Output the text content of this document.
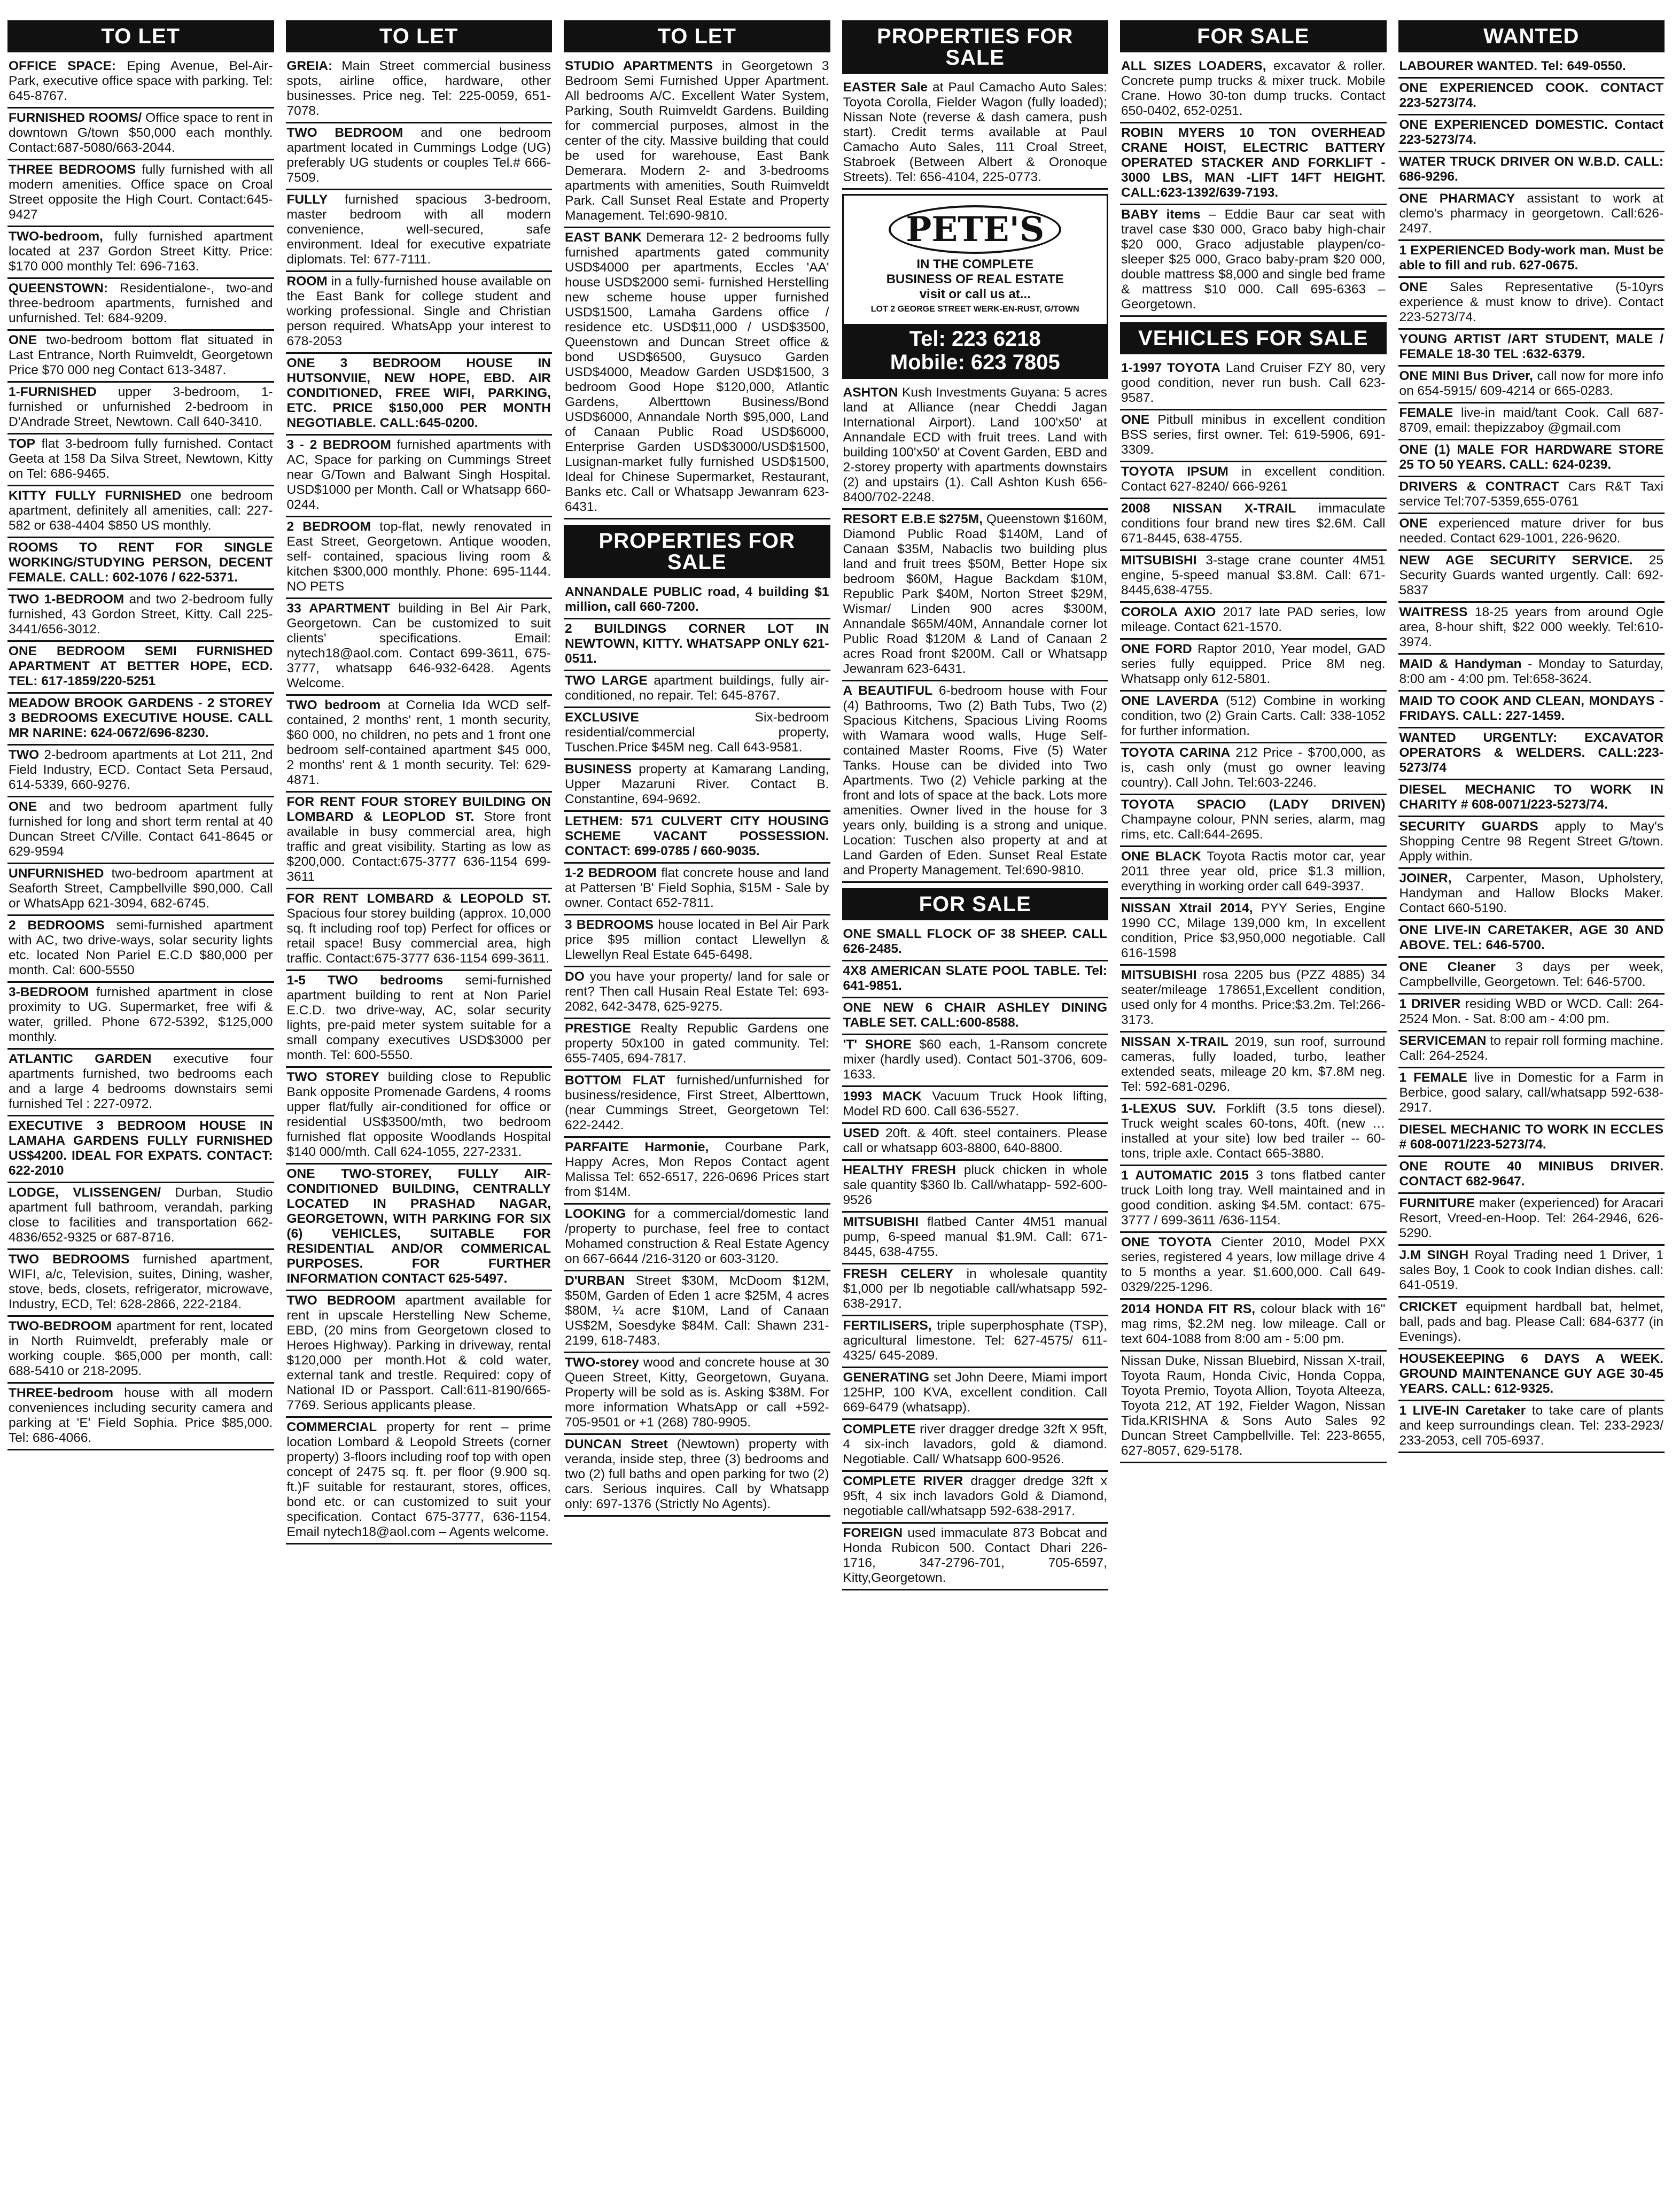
TO LET
OFFICE SPACE: Eping Avenue, Bel-Air-Park, executive office space with parking. Tel: 645-8767.
FURNISHED ROOMS/ Office space to rent in downtown G/town $50,000 each monthly. Contact:687-5080/663-2044.
THREE BEDROOMS fully furnished with all modern amenities. Office space on Croal Street opposite the High Court. Contact:645-9427
TWO-bedroom, fully furnished apartment located at 237 Gordon Street Kitty. Price: $170 000 monthly Tel: 696-7163.
QUEENSTOWN: Residentialone-, two-and three-bedroom apartments, furnished and unfurnished. Tel: 684-9209.
ONE two-bedroom bottom flat situated in Last Entrance, North Ruimveldt, Georgetown Price $70 000 neg Contact 613-3487.
1-FURNISHED upper 3-bedroom, 1-furnished or unfurnished 2-bedroom in D'Andrade Street, Newtown. Call 640-3410.
TOP flat 3-bedroom fully furnished. Contact Geeta at 158 Da Silva Street, Newtown, Kitty on Tel: 686-9465.
KITTY FULLY FURNISHED one bedroom apartment, definitely all amenities, call: 227-582 or 638-4404 $850 US monthly.
ROOMS TO RENT FOR SINGLE WORKING/STUDYING PERSON, DECENT FEMALE. CALL: 602-1076 / 622-5371.
TWO 1-BEDROOM and two 2-bedroom fully furnished, 43 Gordon Street, Kitty. Call 225-3441/656-3012.
ONE BEDROOM SEMI FURNISHED APARTMENT AT BETTER HOPE, ECD. TEL: 617-1859/220-5251
MEADOW BROOK GARDENS - 2 STOREY 3 BEDROOMS EXECUTIVE HOUSE. CALL MR NARINE: 624-0672/696-8230.
TWO 2-bedroom apartments at Lot 211, 2nd Field Industry, ECD. Contact Seta Persaud, 614-5339, 660-9276.
ONE and two bedroom apartment fully furnished for long and short term rental at 40 Duncan Street C/Ville. Contact 641-8645 or 629-9594
UNFURNISHED two-bedroom apartment at Seaforth Street, Campbellville $90,000. Call or WhatsApp 621-3094, 682-6745.
2 BEDROOMS semi-furnished apartment with AC, two drive-ways, solar security lights etc. located Non Pariel E.C.D $80,000 per month. Cal: 600-5550
3-BEDROOM furnished apartment in close proximity to UG. Supermarket, free wifi & water, grilled. Phone 672-5392, $125,000 monthly.
ATLANTIC GARDEN executive four apartments furnished, two bedrooms each and a large 4 bedrooms downstairs semi furnished Tel : 227-0972.
EXECUTIVE 3 BEDROOM HOUSE IN LAMAHA GARDENS FULLY FURNISHED US$4200. IDEAL FOR EXPATS. CONTACT: 622-2010
LODGE, VLISSENGEN/ Durban, Studio apartment full bathroom, verandah, parking close to facilities and transportation 662-4836/652-9325 or 687-8716.
TWO BEDROOMS furnished apartment, WIFI, a/c, Television, suites, Dining, washer, stove, beds, closets, refrigerator, microwave, Industry, ECD, Tel: 628-2866, 222-2184.
TWO-BEDROOM apartment for rent, located in North Ruimveldt, preferably male or working couple. $65,000 per month, call: 688-5410 or 218-2095.
THREE-bedroom house with all modern conveniences including security camera and parking at 'E' Field Sophia. Price $85,000. Tel: 686-4066.
TO LET
GREIA: Main Street commercial business spots, airline office, hardware, other businesses. Price neg. Tel: 225-0059, 651-7078.
TWO BEDROOM and one bedroom apartment located in Cummings Lodge (UG) preferably UG students or couples Tel.# 666-7509.
FULLY furnished spacious 3-bedroom, master bedroom with all modern convenience, well-secured, safe environment. Ideal for executive expatriate diplomats. Tel: 677-7111.
ROOM in a fully-furnished house available on the East Bank for college student and working professional. Single and Christian person required. WhatsApp your interest to 678-2053
ONE 3 BEDROOM HOUSE IN HUTSONVIIE, NEW HOPE, EBD. AIR CONDITIONED, FREE WIFI, PARKING, ETC. PRICE $150,000 PER MONTH NEGOTIABLE. CALL:645-0200.
3 - 2 BEDROOM furnished apartments with AC, Space for parking on Cummings Street near G/Town and Balwant Singh Hospital. USD$1000 per Month. Call or Whatsapp 660-0244.
2 BEDROOM top-flat, newly renovated in East Street, Georgetown. Antique wooden, self- contained, spacious living room & kitchen $300,000 monthly. Phone: 695-1144. NO PETS
33 APARTMENT building in Bel Air Park, Georgetown. Can be customized to suit clients' specifications. Email: nytech18@aol.com. Contact 699-3611, 675-3777, whatsapp 646-932-6428. Agents Welcome.
TWO bedroom at Cornelia Ida WCD self-contained, 2 months' rent, 1 month security, $60 000, no children, no pets and 1 front one bedroom self-contained apartment $45 000, 2 months' rent & 1 month security. Tel: 629-4871.
FOR RENT FOUR STOREY BUILDING ON LOMBARD & LEOPLOD ST. Store front available in busy commercial area, high traffic and great visibility. Starting as low as $200,000. Contact:675-3777 636-1154 699-3611
FOR RENT LOMBARD & LEOPOLD ST. Spacious four storey building (approx. 10,000 sq. ft including roof top) Perfect for offices or retail space! Busy commercial area, high traffic. Contact:675-3777 636-1154 699-3611.
1-5 TWO bedrooms semi-furnished apartment building to rent at Non Pariel E.C.D. two drive-way, AC, solar security lights, pre-paid meter system suitable for a small company executives USD$3000 per month. Tel: 600-5550.
TWO STOREY building close to Republic Bank opposite Promenade Gardens, 4 rooms upper flat/fully air-conditioned for office or residential US$3500/mth, two bedroom furnished flat opposite Woodlands Hospital $140 000/mth. Call 624-1055, 227-2331.
ONE TWO-STOREY, FULLY AIR-CONDITIONED BUILDING, CENTRALLY LOCATED IN PRASHAD NAGAR, GEORGETOWN, WITH PARKING FOR SIX (6) VEHICLES, SUITABLE FOR RESIDENTIAL AND/OR COMMERICAL PURPOSES. FOR FURTHER INFORMATION CONTACT 625-5497.
TWO BEDROOM apartment available for rent in upscale Herstelling New Scheme, EBD, (20 mins from Georgetown closed to Heroes Highway). Parking in driveway, rental $120,000 per month.Hot & cold water, external tank and trestle. Required: copy of National ID or Passport. Call:611-8190/665-7769. Serious applicants please.
COMMERCIAL property for rent – prime location Lombard & Leopold Streets (corner property) 3-floors including roof top with open concept of 2475 sq. ft. per floor (9.900 sq. ft.)F suitable for restaurant, stores, offices, bond etc. or can customized to suit your specification. Contact 675-3777, 636-1154. Email nytech18@aol.com – Agents welcome.
TO LET
STUDIO APARTMENTS in Georgetown 3 Bedroom Semi Furnished Upper Apartment. All bedrooms A/C. Excellent Water System, Parking, South Ruimveldt Gardens. Building for commercial purposes, almost in the center of the city. Massive building that could be used for warehouse, East Bank Demerara. Modern 2- and 3-bedrooms apartments with amenities, South Ruimveldt Park. Call Sunset Real Estate and Property Management. Tel:690-9810.
EAST BANK Demerara 12- 2 bedrooms fully furnished apartments gated community USD$4000 per apartments, Eccles 'AA' house USD$2000 semi- furnished Herstelling new scheme house upper furnished USD$1500, Lamaha Gardens office / residence etc. USD$11,000 / USD$3500, Queenstown and Duncan Street office & bond USD$6500, Guysuco Garden USD$4000, Meadow Garden USD$1500, 3 bedroom Good Hope $120,000, Atlantic Gardens, Alberttown Business/Bond USD$6000, Annandale North $95,000, Land of Canaan Public Road USD$6000, Enterprise Garden USD$3000/USD$1500, Lusignan-market fully furnished USD$1500, Ideal for Chinese Supermarket, Restaurant, Banks etc. Call or Whatsapp Jewanram 623-6431.
PROPERTIES FOR SALE
ANNANDALE PUBLIC road, 4 building $1 million, call 660-7200.
2 BUILDINGS CORNER LOT IN NEWTOWN, KITTY. WHATSAPP ONLY 621-0511.
TWO LARGE apartment buildings, fully air-conditioned, no repair. Tel: 645-8767.
EXCLUSIVE Six-bedroom residential/commercial property, Tuschen.Price $45M neg. Call 643-9581.
BUSINESS property at Kamarang Landing, Upper Mazaruni River. Contact B. Constantine, 694-9692.
LETHEM: 571 CULVERT CITY HOUSING SCHEME VACANT POSSESSION. CONTACT: 699-0785 / 660-9035.
1-2 BEDROOM flat concrete house and land at Pattersen 'B' Field Sophia, $15M - Sale by owner. Contact 652-7811.
3 BEDROOMS house located in Bel Air Park price $95 million contact Llewellyn & Llewellyn Real Estate 645-6498.
DO you have your property/ land for sale or rent? Then call Husain Real Estate Tel: 693-2082, 642-3478, 625-9275.
PRESTIGE Realty Republic Gardens one property 50x100 in gated community. Tel: 655-7405, 694-7817.
BOTTOM FLAT furnished/unfurnished for business/residence, First Street, Alberttown, (near Cummings Street, Georgetown Tel: 622-2442.
PARFAITE Harmonie, Courbane Park, Happy Acres, Mon Repos Contact agent Malissa Tel: 652-6517, 226-0696 Prices start from $14M.
LOOKING for a commercial/domestic land /property to purchase, feel free to contact Mohamed construction & Real Estate Agency on 667-6644 /216-3120 or 603-3120.
D'URBAN Street $30M, McDoom $12M, $50M, Garden of Eden 1 acre $25M, 4 acres $80M, ¼ acre $10M, Land of Canaan US$2M, Soesdyke $84M. Call: Shawn 231-2199, 618-7483.
TWO-storey wood and concrete house at 30 Queen Street, Kitty, Georgetown, Guyana. Property will be sold as is. Asking $38M. For more information WhatsApp or call +592-705-9501 or +1 (268) 780-9905.
DUNCAN Street (Newtown) property with veranda, inside step, three (3) bedrooms and two (2) full baths and open parking for two (2) cars. Serious inquires. Call by Whatsapp only: 697-1376 (Strictly No Agents).
PROPERTIES FOR SALE
EASTER Sale at Paul Camacho Auto Sales: Toyota Corolla, Fielder Wagon (fully loaded); Nissan Note (reverse & dash camera, push start). Credit terms available at Paul Camacho Auto Sales, 111 Croal Street, Stabroek (Between Albert & Oronoque Streets). Tel: 656-4104, 225-0773.
PETE'S
IN THE COMPLETE
BUSINESS OF REAL ESTATE
visit or call us at...
LOT 2 GEORGE STREET WERK-EN-RUST, G/TOWN
Tel: 223 6218
Mobile: 623 7805
ASHTON Kush Investments Guyana: 5 acres land at Alliance (near Cheddi Jagan International Airport). Land 100'x50' at Annandale ECD with fruit trees. Land with building 100'x50' at Covent Garden, EBD and 2-storey property with apartments downstairs (2) and upstairs (1). Call Ashton Kush 656-8400/702-2248.
RESORT E.B.E $275M, Queenstown $160M, Diamond Public Road $140M, Land of Canaan $35M, Nabaclis two building plus land and fruit trees $50M, Better Hope six bedroom $60M, Hague Backdam $10M, Republic Park $40M, Norton Street $29M, Wismar/ Linden 900 acres $300M, Annandale $65M/40M, Annandale corner lot Public Road $120M & Land of Canaan 2 acres Road front $200M. Call or Whatsapp Jewanram 623-6431.
A BEAUTIFUL 6-bedroom house with Four (4) Bathrooms, Two (2) Bath Tubs, Two (2) Spacious Kitchens, Spacious Living Rooms with Wamara wood walls, Huge Self-contained Master Rooms, Five (5) Water Tanks. House can be divided into Two Apartments. Two (2) Vehicle parking at the front and lots of space at the back. Lots more amenities. Owner lived in the house for 3 years only, building is a strong and unique. Location: Tuschen also property at and at Land Garden of Eden. Sunset Real Estate and Property Management. Tel:690-9810.
FOR SALE
ONE SMALL FLOCK OF 38 SHEEP. CALL 626-2485.
4X8 AMERICAN SLATE POOL TABLE. Tel: 641-9851.
ONE NEW 6 CHAIR ASHLEY DINING TABLE SET. CALL:600-8588.
'T' SHORE $60 each, 1-Ransom concrete mixer (hardly used). Contact 501-3706, 609-1633.
1993 MACK Vacuum Truck Hook lifting, Model RD 600. Call 636-5527.
USED 20ft. & 40ft. steel containers. Please call or whatsapp 603-8800, 640-8800.
HEALTHY FRESH pluck chicken in whole sale quantity $360 lb. Call/whatapp- 592-600-9526
MITSUBISHI flatbed Canter 4M51 manual pump, 6-speed manual $1.9M. Call: 671-8445, 638-4755.
FRESH CELERY in wholesale quantity $1,000 per lb negotiable call/whatsapp 592-638-2917.
FERTILISERS, triple superphosphate (TSP), agricultural limestone. Tel: 627-4575/ 611-4325/ 645-2089.
GENERATING set John Deere, Miami import 125HP, 100 KVA, excellent condition. Call 669-6479 (whatsapp).
COMPLETE river dragger dredge 32ft X 95ft, 4 six-inch lavadors, gold & diamond. Negotiable. Call/ Whatsapp 600-9526.
COMPLETE RIVER dragger dredge 32ft x 95ft, 4 six inch lavadors Gold & Diamond, negotiable call/whatsapp 592-638-2917.
FOREIGN used immaculate 873 Bobcat and Honda Rubicon 500. Contact Dhari 226-1716, 347-2796-701, 705-6597, Kitty,Georgetown.
FOR SALE
ALL SIZES LOADERS, excavator & roller. Concrete pump trucks & mixer truck. Mobile Crane. Howo 30-ton dump trucks. Contact 650-0402, 652-0251.
ROBIN MYERS 10 TON OVERHEAD CRANE HOIST, ELECTRIC BATTERY OPERATED STACKER AND FORKLIFT - 3000 LBS, MAN -LIFT 14FT HEIGHT. CALL:623-1392/639-7193.
BABY items – Eddie Baur car seat with travel case $30 000, Graco baby high-chair $20 000, Graco adjustable playpen/co-sleeper $25 000, Graco baby-pram $20 000, double mattress $8,000 and single bed frame & mattress $10 000. Call 695-6363 – Georgetown.
VEHICLES FOR SALE
1-1997 TOYOTA Land Cruiser FZY 80, very good condition, never run bush. Call 623-9587.
ONE Pitbull minibus in excellent condition BSS series, first owner. Tel: 619-5906, 691-3309.
TOYOTA IPSUM in excellent condition. Contact 627-8240/ 666-9261
2008 NISSAN X-TRAIL immaculate conditions four brand new tires $2.6M. Call 671-8445, 638-4755.
MITSUBISHI 3-stage crane counter 4M51 engine, 5-speed manual $3.8M. Call: 671-8445,638-4755.
COROLA AXIO 2017 late PAD series, low mileage. Contact 621-1570.
ONE FORD Raptor 2010, Year model, GAD series fully equipped. Price 8M neg. Whatsapp only 612-5801.
ONE LAVERDA (512) Combine in working condition, two (2) Grain Carts. Call: 338-1052 for further information.
TOYOTA CARINA 212 Price - $700,000, as is, cash only (must go owner leaving country). Call John. Tel:603-2246.
TOYOTA SPACIO (LADY DRIVEN) Champayne colour, PNN series, alarm, mag rims, etc. Call:644-2695.
ONE BLACK Toyota Ractis motor car, year 2011 three year old, price $1.3 million, everything in working order call 649-3937.
NISSAN Xtrail 2014, PYY Series, Engine 1990 CC, Milage 139,000 km, In excellent condition, Price $3,950,000 negotiable. Call 616-1598
MITSUBISHI rosa 2205 bus (PZZ 4885) 34 seater/mileage 178651,Excellent condition, used only for 4 months. Price:$3.2m. Tel:266-3173.
NISSAN X-TRAIL 2019, sun roof, surround cameras, fully loaded, turbo, leather extended seats, mileage 20 km, $7.8M neg. Tel: 592-681-0296.
1-LEXUS SUV. Forklift (3.5 tons diesel). Truck weight scales 60-tons, 40ft. (new … installed at your site) low bed trailer -- 60-tons, triple axle. Contact 665-3880.
1 AUTOMATIC 2015 3 tons flatbed canter truck Loith long tray. Well maintained and in good condition. asking $4.5M. contact: 675-3777 / 699-3611 /636-1154.
ONE TOYOTA Cienter 2010, Model PXX series, registered 4 years, low millage drive 4 to 5 months a year. $1.600,000. Call 649-0329/225-1296.
2014 HONDA FIT RS, colour black with 16" mag rims, $2.2M neg. low mileage. Call or text 604-1088 from 8:00 am - 5:00 pm.
Nissan Duke, Nissan Bluebird, Nissan X-trail, Toyota Raum, Honda Civic, Honda Coppa, Toyota Premio, Toyota Allion, Toyota Alteeza, Toyota 212, AT 192, Fielder Wagon, Nissan Tida.KRISHNA & Sons Auto Sales 92 Duncan Street Campbellville. Tel: 223-8655, 627-8057, 629-5178.
WANTED
LABOURER WANTED. Tel: 649-0550.
ONE EXPERIENCED COOK. CONTACT 223-5273/74.
ONE EXPERIENCED DOMESTIC. Contact 223-5273/74.
WATER TRUCK DRIVER ON W.B.D. CALL: 686-9296.
ONE PHARMACY assistant to work at clemo's pharmacy in georgetown. Call:626-2497.
1 EXPERIENCED Body-work man. Must be able to fill and rub. 627-0675.
ONE Sales Representative (5-10yrs experience & must know to drive). Contact 223-5273/74.
YOUNG ARTIST /ART STUDENT, MALE / FEMALE 18-30 TEL :632-6379.
ONE MINI Bus Driver, call now for more info on 654-5915/ 609-4214 or 665-0283.
FEMALE live-in maid/tant Cook. Call 687-8709, email: thepizzaboy @gmail.com
ONE (1) MALE FOR HARDWARE STORE 25 TO 50 YEARS. CALL: 624-0239.
DRIVERS & CONTRACT Cars R&T Taxi service Tel:707-5359,655-0761
ONE experienced mature driver for bus needed. Contact 629-1001, 226-9620.
NEW AGE SECURITY SERVICE. 25 Security Guards wanted urgently. Call: 692-5837
WAITRESS 18-25 years from around Ogle area, 8-hour shift, $22 000 weekly. Tel:610-3974.
MAID & Handyman - Monday to Saturday, 8:00 am - 4:00 pm. Tel:658-3624.
MAID TO COOK AND CLEAN, MONDAYS - FRIDAYS. CALL: 227-1459.
WANTED URGENTLY: EXCAVATOR OPERATORS & WELDERS. CALL:223-5273/74
DIESEL MECHANIC TO WORK IN CHARITY # 608-0071/223-5273/74.
SECURITY GUARDS apply to May's Shopping Centre 98 Regent Street G/town. Apply within.
JOINER, Carpenter, Mason, Upholstery, Handyman and Hallow Blocks Maker. Contact 660-5190.
ONE LIVE-IN CARETAKER, AGE 30 AND ABOVE. TEL: 646-5700.
ONE Cleaner 3 days per week, Campbellville, Georgetown. Tel: 646-5700.
1 DRIVER residing WBD or WCD. Call: 264-2524 Mon. - Sat. 8:00 am - 4:00 pm.
SERVICEMAN to repair roll forming machine. Call: 264-2524.
1 FEMALE live in Domestic for a Farm in Berbice, good salary, call/whatsapp 592-638-2917.
DIESEL MECHANIC TO WORK IN ECCLES # 608-0071/223-5273/74.
ONE ROUTE 40 MINIBUS DRIVER. CONTACT 682-9647.
FURNITURE maker (experienced) for Aracari Resort, Vreed-en-Hoop. Tel: 264-2946, 626-5290.
J.M SINGH Royal Trading need 1 Driver, 1 sales Boy, 1 Cook to cook Indian dishes. call: 641-0519.
CRICKET equipment hardball bat, helmet, ball, pads and bag. Please Call: 684-6377 (in Evenings).
HOUSEKEEPING 6 DAYS A WEEK. GROUND MAINTENANCE GUY AGE 30-45 YEARS. CALL: 612-9325.
1 LIVE-IN Caretaker to take care of plants and keep surroundings clean. Tel: 233-2923/ 233-2053, cell 705-6937.
